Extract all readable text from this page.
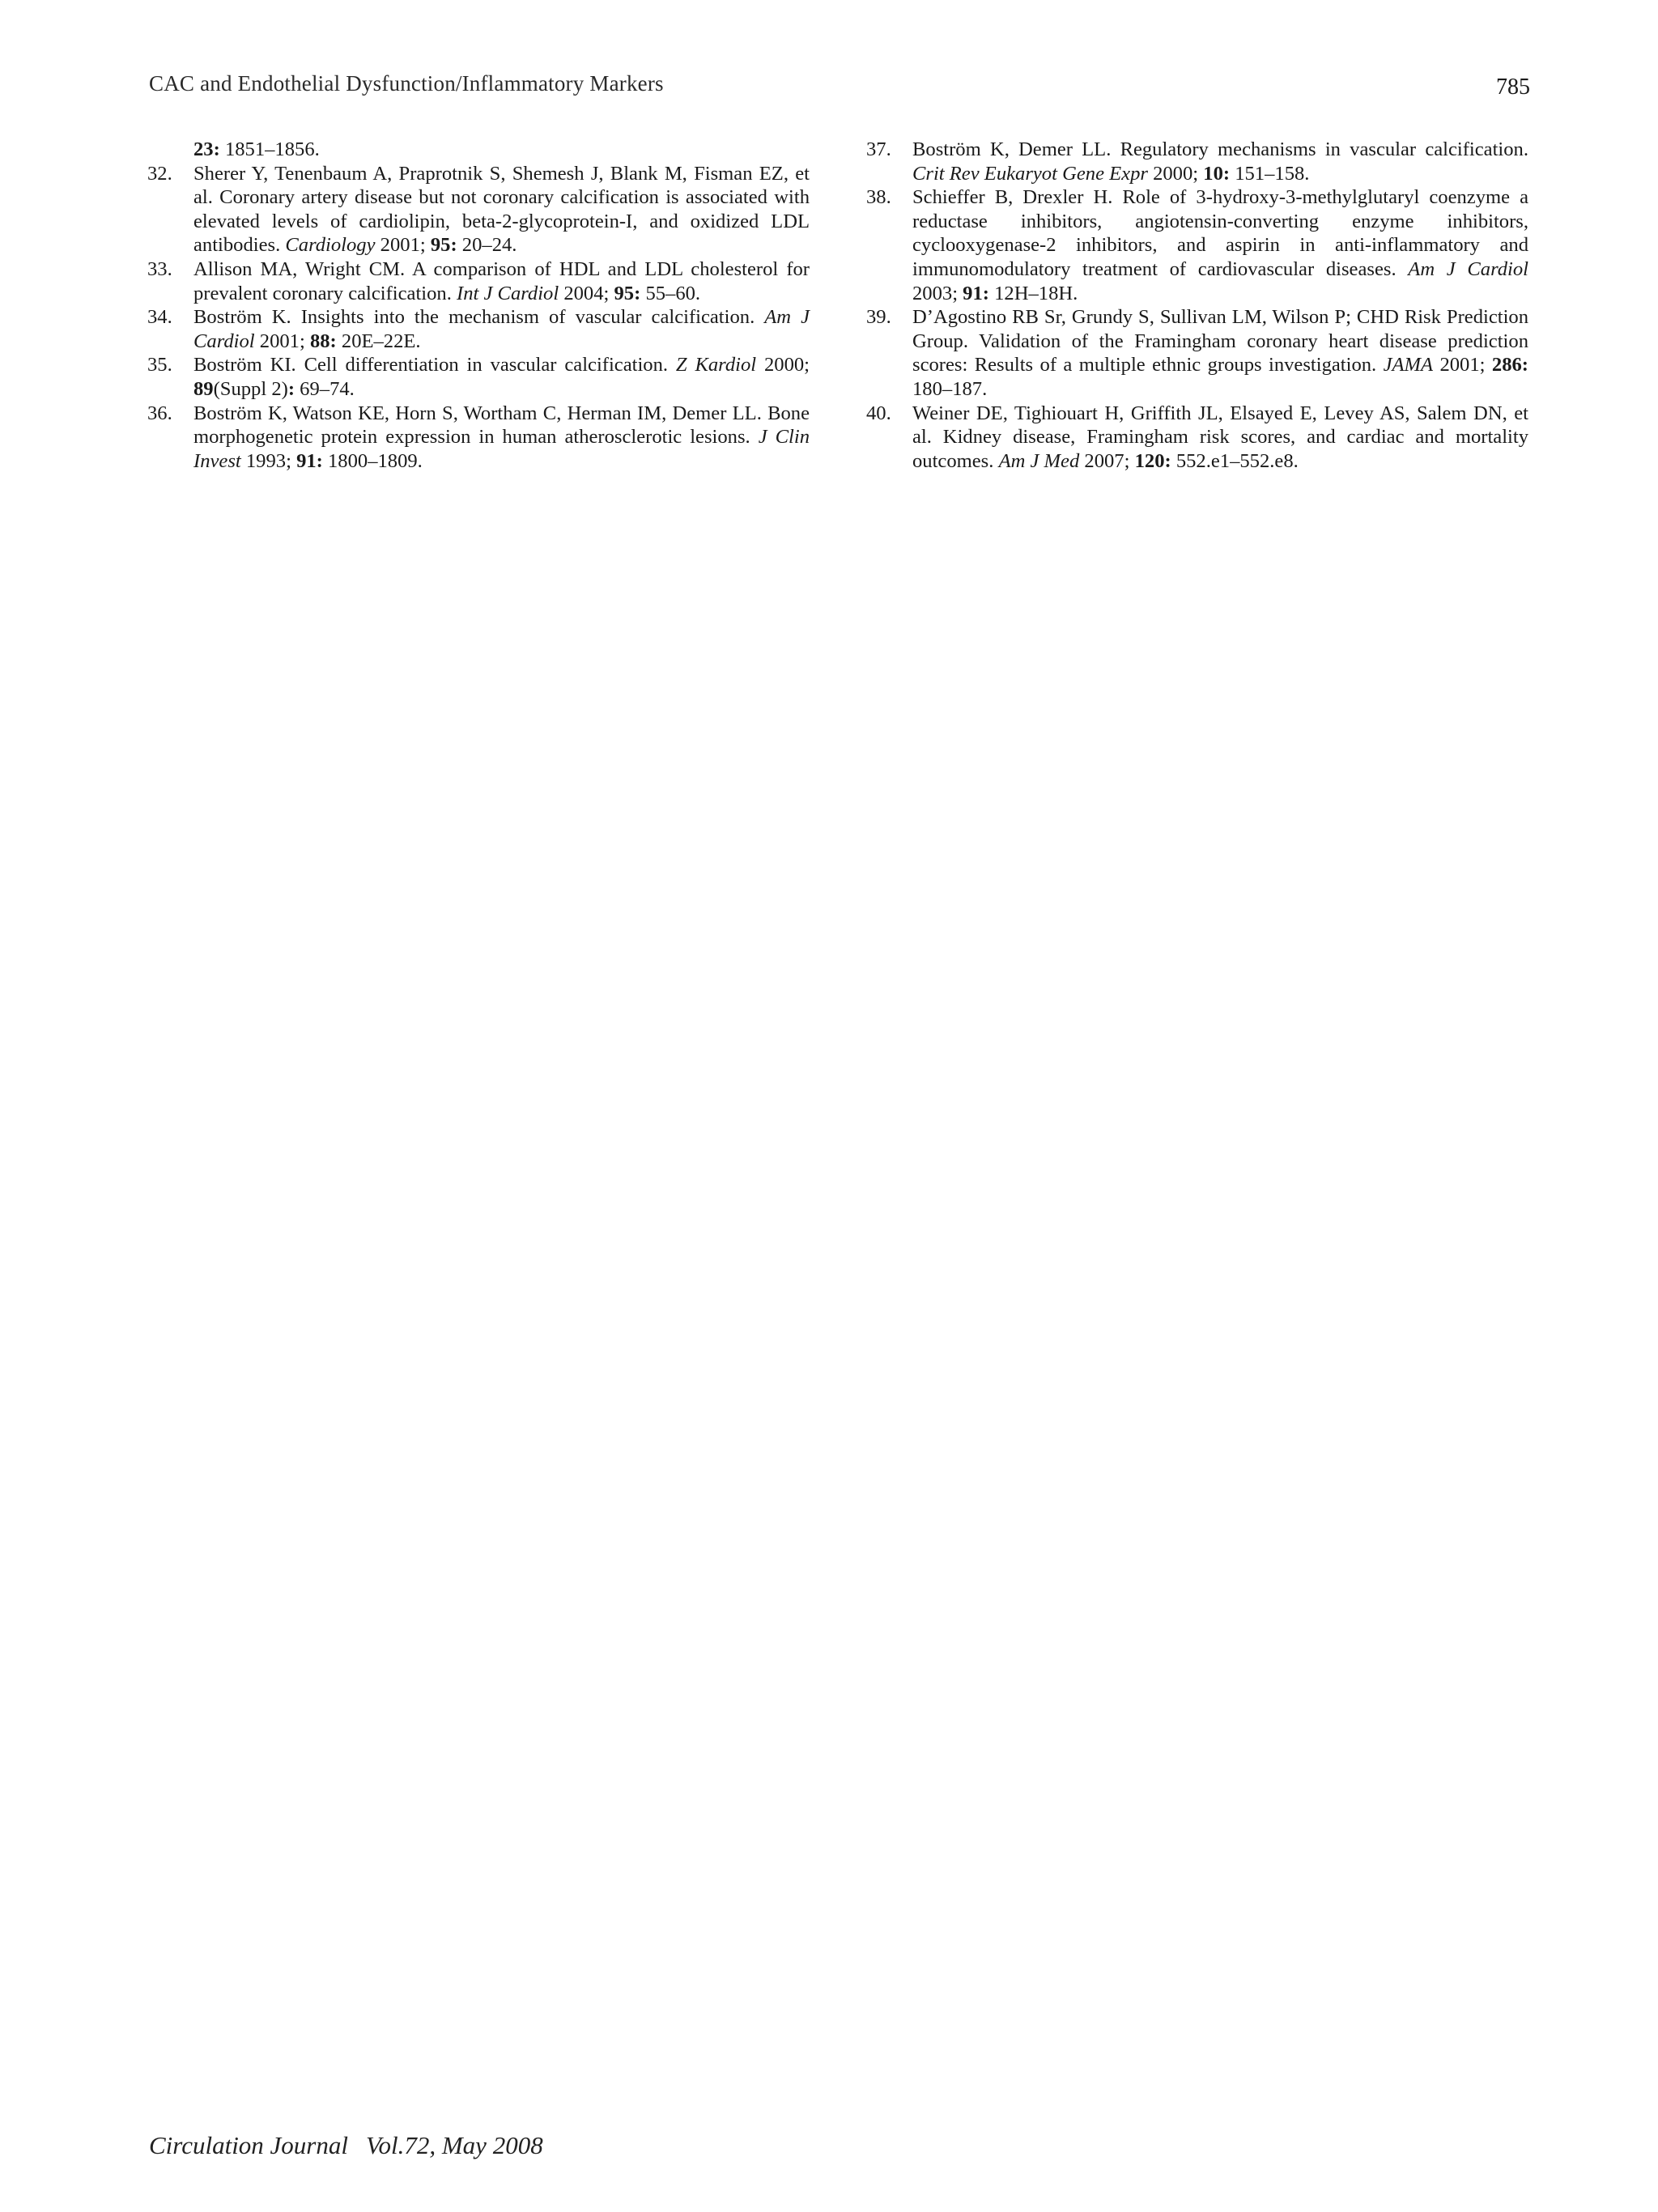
CAC and Endothelial Dysfunction/Inflammatory Markers	785
23: 1851–1856.
32. Sherer Y, Tenenbaum A, Praprotnik S, Shemesh J, Blank M, Fisman EZ, et al. Coronary artery disease but not coronary calcification is associated with elevated levels of cardiolipin, beta-2-glycoprotein-I, and oxidized LDL antibodies. Cardiology 2001; 95: 20–24.
33. Allison MA, Wright CM. A comparison of HDL and LDL cholesterol for prevalent coronary calcification. Int J Cardiol 2004; 95: 55–60.
34. Boström K. Insights into the mechanism of vascular calcification. Am J Cardiol 2001; 88: 20E–22E.
35. Boström KI. Cell differentiation in vascular calcification. Z Kardiol 2000; 89(Suppl 2): 69–74.
36. Boström K, Watson KE, Horn S, Wortham C, Herman IM, Demer LL. Bone morphogenetic protein expression in human atherosclerotic lesions. J Clin Invest 1993; 91: 1800–1809.
37. Boström K, Demer LL. Regulatory mechanisms in vascular calcification. Crit Rev Eukaryot Gene Expr 2000; 10: 151–158.
38. Schieffer B, Drexler H. Role of 3-hydroxy-3-methylglutaryl coenzyme a reductase inhibitors, angiotensin-converting enzyme inhibitors, cyclooxygenase-2 inhibitors, and aspirin in anti-inflammatory and immunomodulatory treatment of cardiovascular diseases. Am J Cardiol 2003; 91: 12H–18H.
39. D’Agostino RB Sr, Grundy S, Sullivan LM, Wilson P; CHD Risk Prediction Group. Validation of the Framingham coronary heart disease prediction scores: Results of a multiple ethnic groups investigation. JAMA 2001; 286: 180–187.
40. Weiner DE, Tighiouart H, Griffith JL, Elsayed E, Levey AS, Salem DN, et al. Kidney disease, Framingham risk scores, and cardiac and mortality outcomes. Am J Med 2007; 120: 552.e1–552.e8.
Circulation Journal Vol.72, May 2008
